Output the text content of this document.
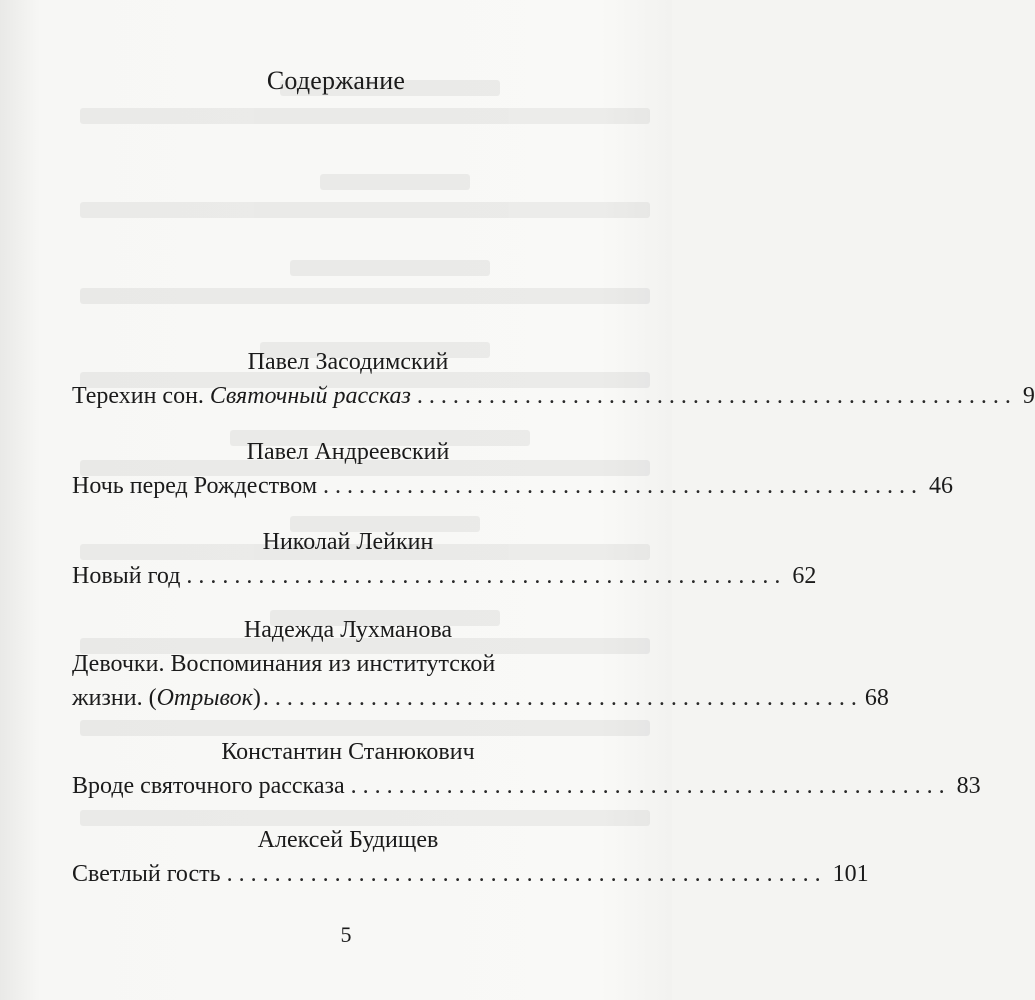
Содержание
Павел Засодимский
Терехин сон. Святочный рассказ .................................................. 9
Павел Андреевский
Ночь перед Рождеством .................................................. 46
Николай Лейкин
Новый год .................................................. 62
Надежда Лухманова
Девочки. Воспоминания из институтской
жизни. ( Отрывок ) .................................................. 68
Константин Станюкович
Вроде святочного рассказа .................................................. 83
Алексей Будищев
Светлый гость .................................................. 101
5
